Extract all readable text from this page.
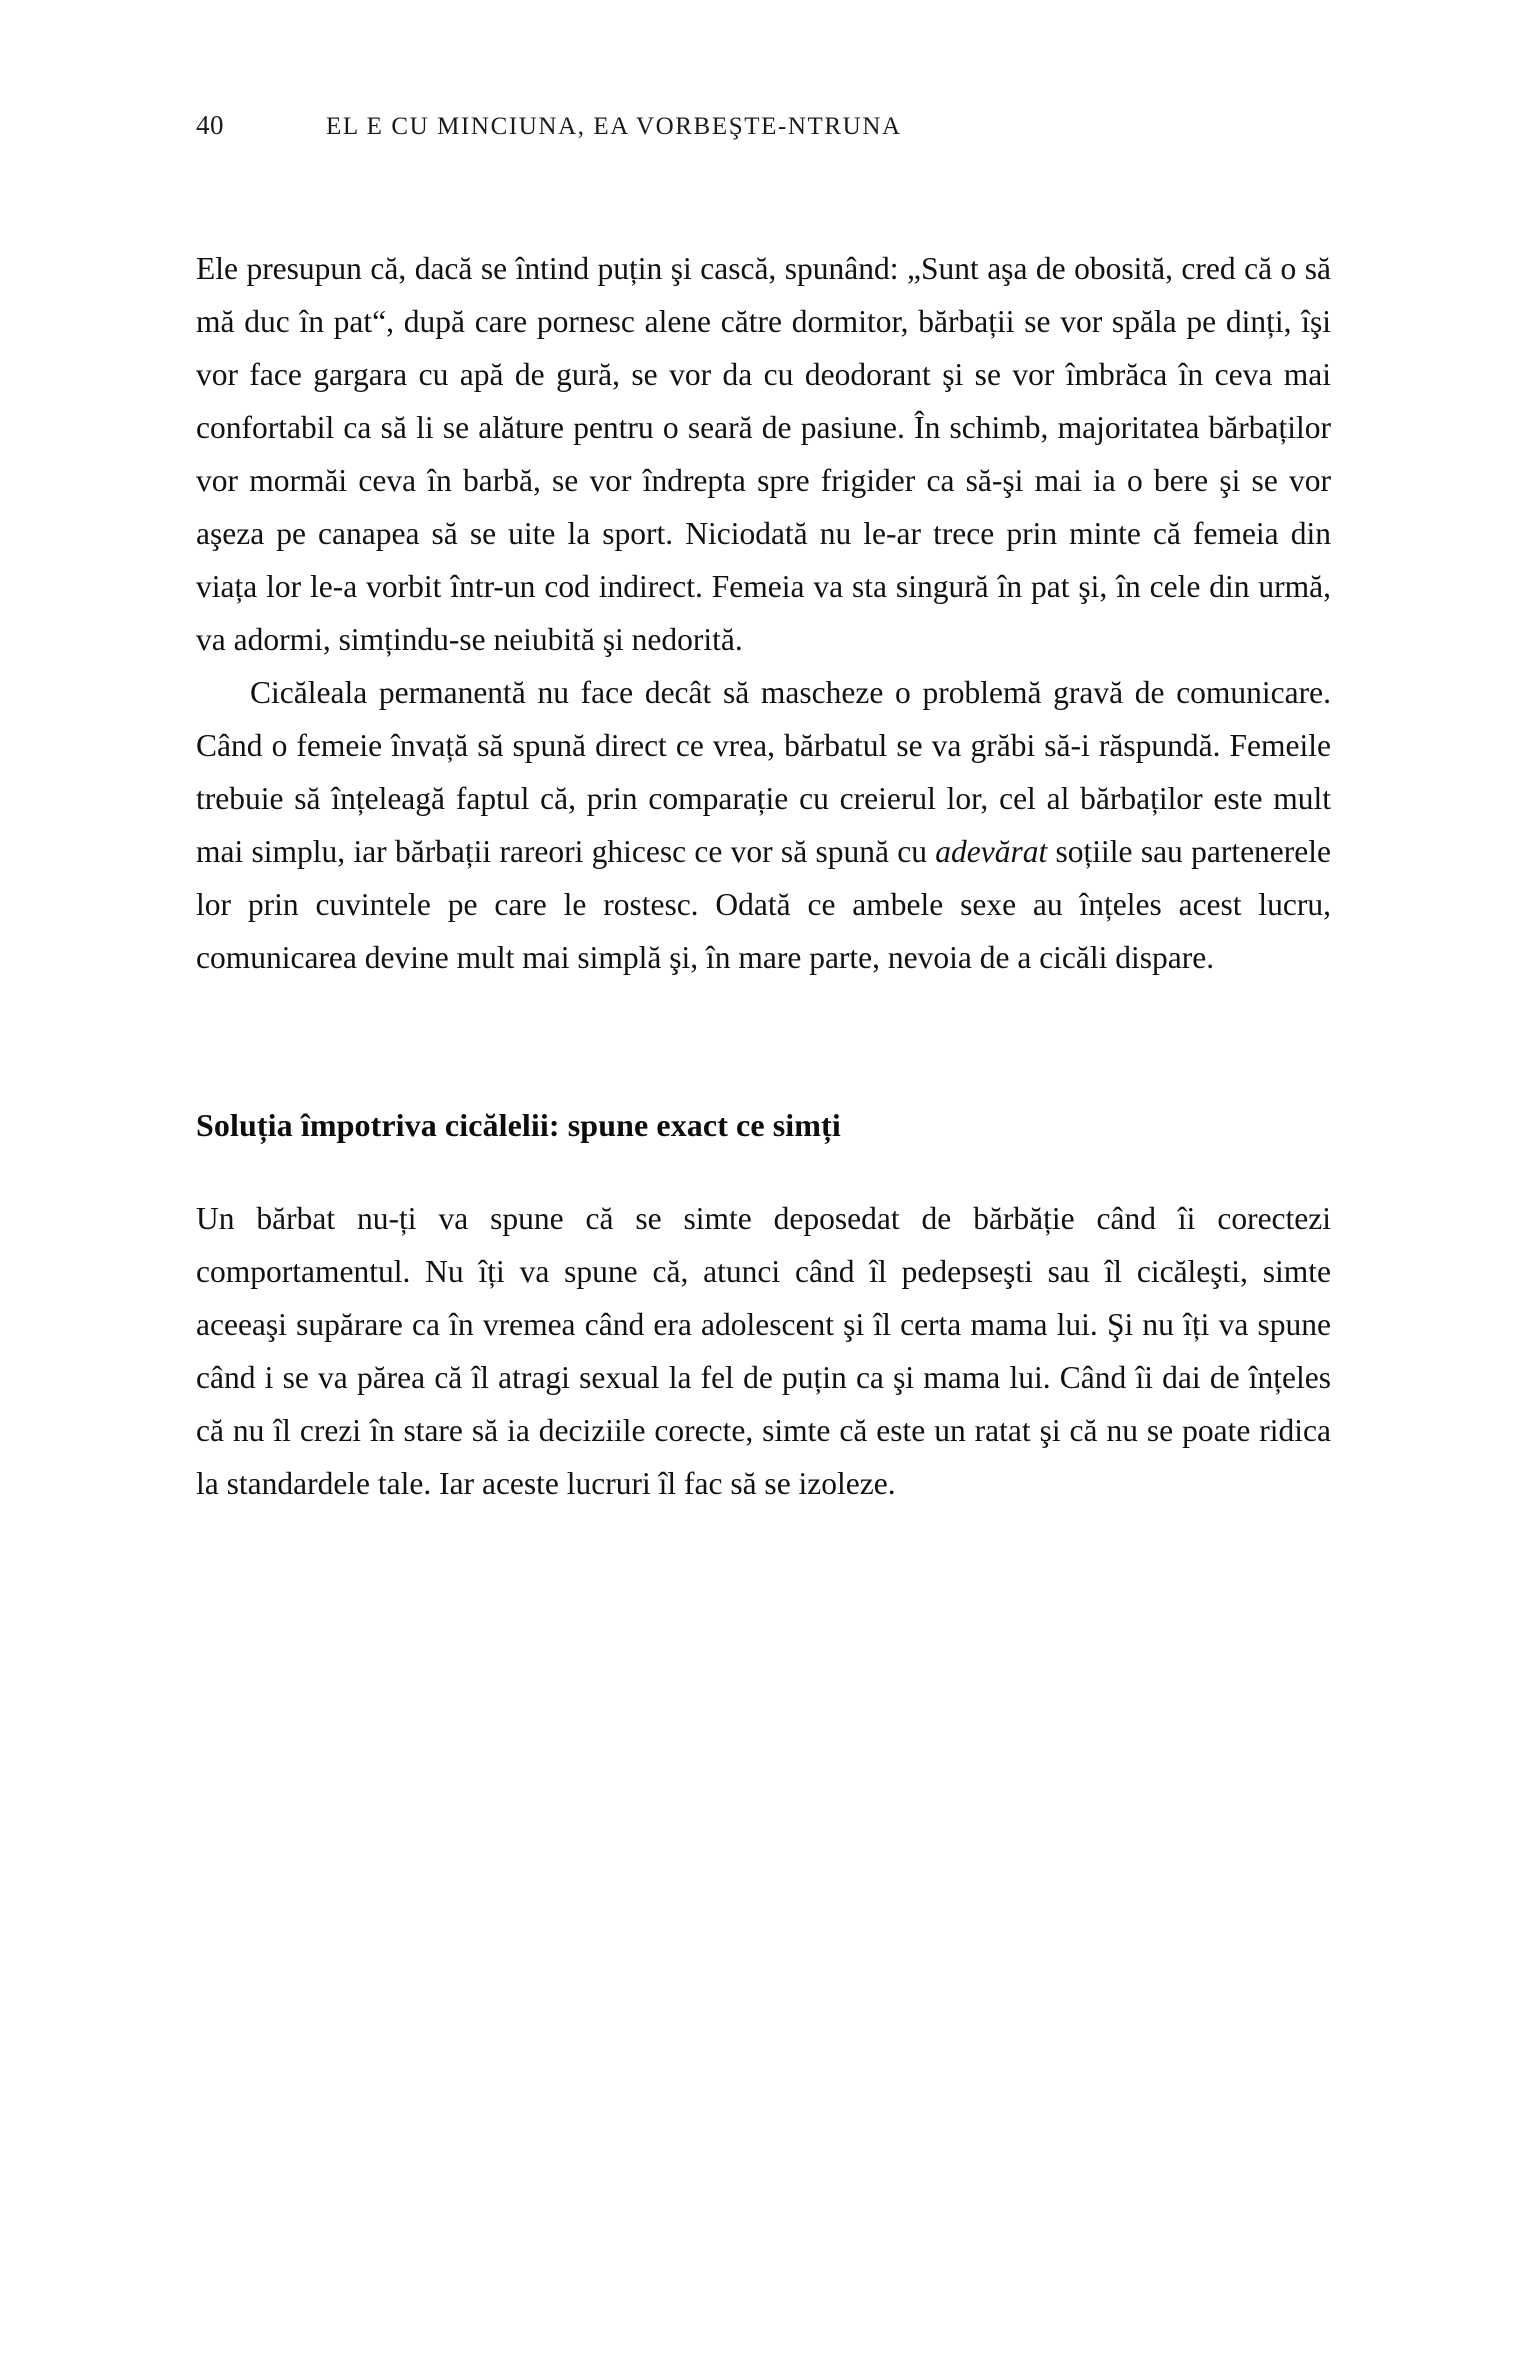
40	EL E CU MINCIUNA, EA VORBEŞTE-NTRUNA

Ele presupun că, dacă se întind puțin şi cască, spunând: „Sunt aşa de obosită, cred că o să mă duc în pat“, după care pornesc alene către dormitor, bărbații se vor spăla pe dinți, îşi vor face gargara cu apă de gură, se vor da cu deodorant şi se vor îmbrăca în ceva mai confortabil ca să li se alăture pentru o seară de pasiune. În schimb, majoritatea bărbaților vor mormăi ceva în barbă, se vor îndrepta spre frigider ca să-şi mai ia o bere şi se vor aşeza pe canapea să se uite la sport. Niciodată nu le-ar trece prin minte că femeia din viața lor le-a vorbit într-un cod indirect. Femeia va sta singură în pat şi, în cele din urmă, va adormi, simțindu-se neiubită şi nedorită.

Cicăleala permanentă nu face decât să mascheze o problemă gravă de comunicare. Când o femeie învață să spună direct ce vrea, bărbatul se va grăbi să-i răspundă. Femeile trebuie să înțeleagă faptul că, prin comparație cu creierul lor, cel al bărbaților este mult mai simplu, iar bărbații rareori ghicesc ce vor să spună cu adevărat soțiile sau partenerele lor prin cuvintele pe care le rostesc. Odată ce ambele sexe au înțeles acest lucru, comunicarea devine mult mai simplă şi, în mare parte, nevoia de a cicăli dispare.

Soluția împotriva cicălelii: spune exact ce simți

Un bărbat nu-ți va spune că se simte deposedat de bărbăție când îi corectezi comportamentul. Nu îți va spune că, atunci când îl pedepseşti sau îl cicăleşti, simte aceeaşi supărare ca în vremea când era adolescent şi îl certa mama lui. Şi nu îți va spune când i se va părea că îl atragi sexual la fel de puțin ca şi mama lui. Când îi dai de înțeles că nu îl crezi în stare să ia deciziile corecte, simte că este un ratat şi că nu se poate ridica la standardele tale. Iar aceste lucruri îl fac să se izoleze.
